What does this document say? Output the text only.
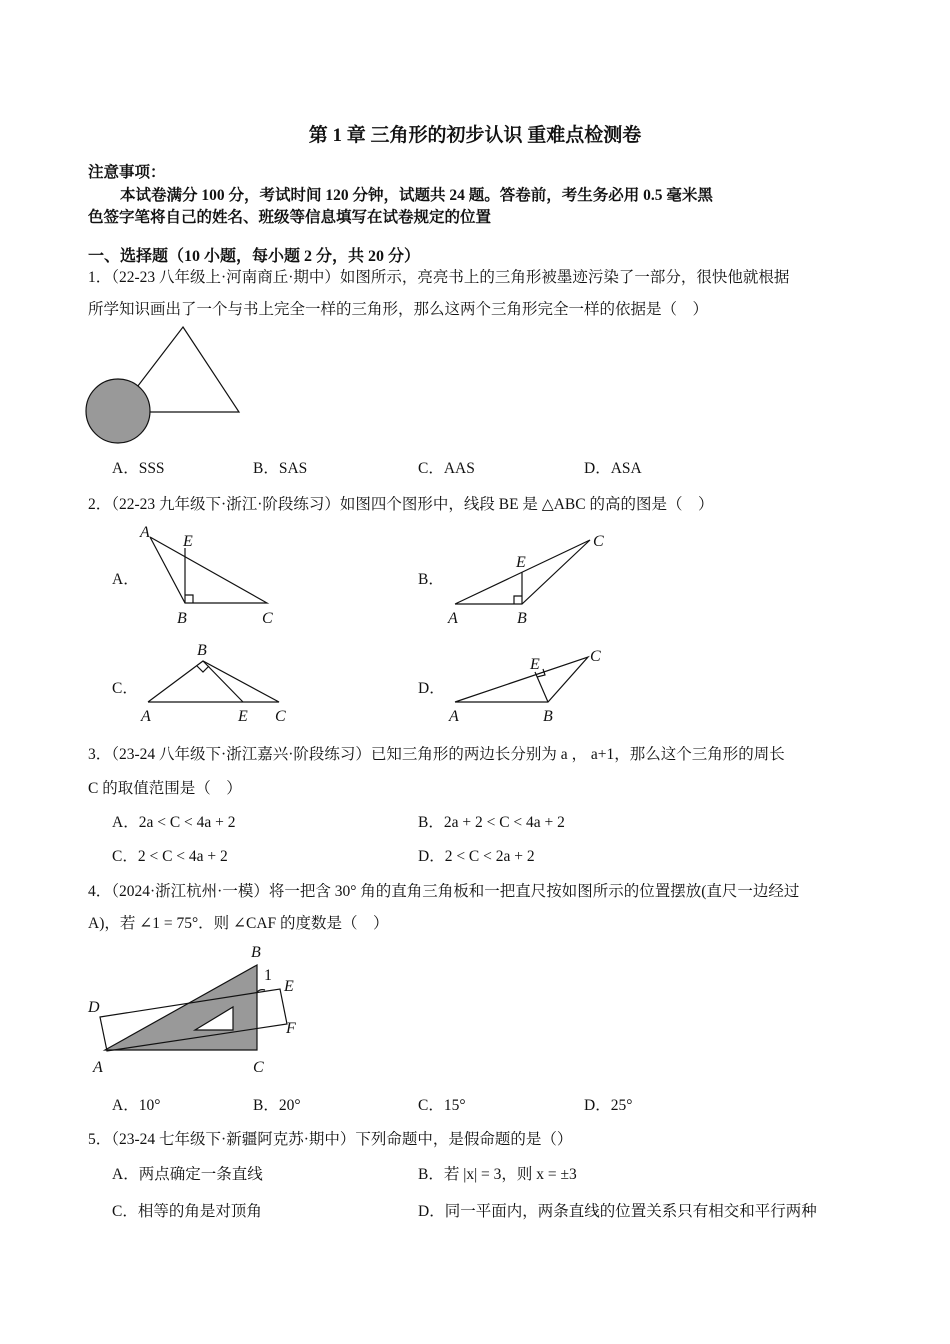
第 1 章 三角形的初步认识 重难点检测卷
注意事项：
本试卷满分 100 分，考试时间 120 分钟，试题共 24 题。答卷前，考生务必用 0.5 毫米黑
色签字笔将自己的姓名、班级等信息填写在试卷规定的位置
一、选择题（10 小题，每小题 2 分，共 20 分）
1．（22-23 八年级上·河南商丘·期中）如图所示，亮亮书上的三角形被墨迹污染了一部分，很快他就根据
所学知识画出了一个与书上完全一样的三角形，那么这两个三角形完全一样的依据是（　）
A．SSS	B．SAS	C．AAS	D．ASA
2．（22-23 九年级下·浙江·阶段练习）如图四个图形中，线段 BE 是 △ABC 的高的图是（　）
A．	B．
C．	D．
3．（23-24 八年级下·浙江嘉兴·阶段练习）已知三角形的两边长分别为 a ， a+1，那么这个三角形的周长
C 的取值范围是（　）
A．2a < C < 4a + 2	B．2a + 2 < C < 4a + 2
C．2 < C < 4a + 2	D．2 < C < 2a + 2
4．（2024·浙江杭州·一模）将一把含 30° 角的直角三角板和一把直尺按如图所示的位置摆放(直尺一边经过
A)，若 ∠1 = 75°．则 ∠CAF 的度数是（　）
A．10°	B．20°	C．15°	D．25°
5．（23-24 七年级下·新疆阿克苏·期中）下列命题中，是假命题的是（）
A．两点确定一条直线	B．若 |x| = 3，则 x = ±3
C．相等的角是对顶角	D．同一平面内，两条直线的位置关系只有相交和平行两种
A
E
B	C	A	B
C
E
A
B
C
E	A	B
C
E
B
1
E
D
F
A	C
